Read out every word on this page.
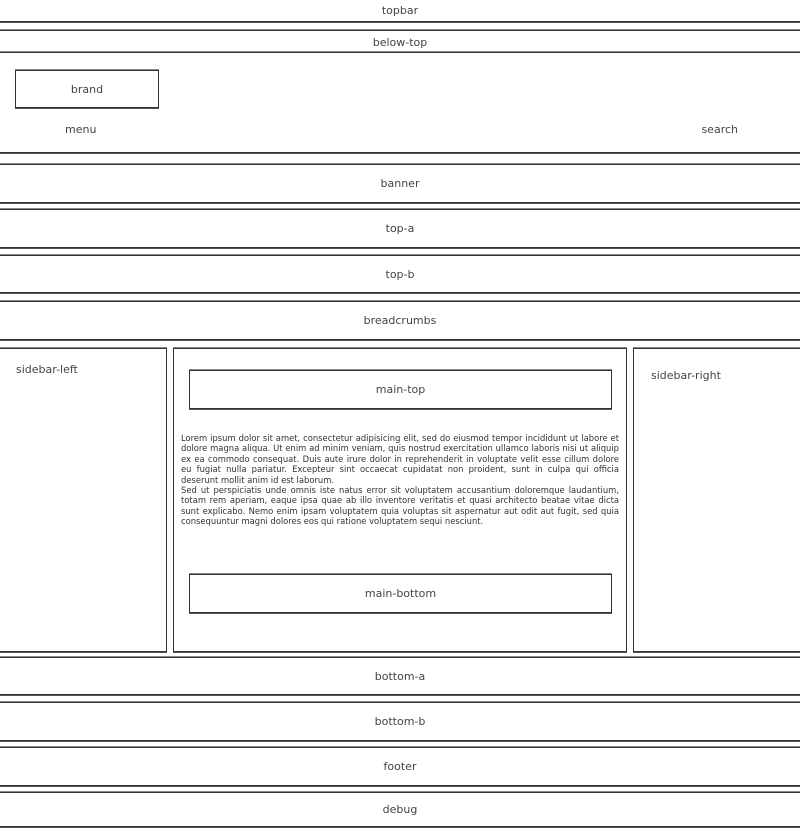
topbar
below-top
brand
menu	search
banner
top-a
top-b
breadcrumbs
sidebar-left
main-top

Lorem ipsum dolor sit amet, consectetur adipisicing elit, sed do eiusmod tempor incididunt ut labore et dolore magna aliqua. Ut enim ad minim veniam, quis nostrud exercitation ullamco laboris nisi ut aliquip ex ea commodo consequat. Duis aute irure dolor in reprehenderit in voluptate velit esse cillum dolore eu fugiat nulla pariatur. Excepteur sint occaecat cupidatat non proident, sunt in culpa qui officia deserunt mollit anim id est laborum.

Sed ut perspiciatis unde omnis iste natus error sit voluptatem accusantium doloremque laudantium, totam rem aperiam, eaque ipsa quae ab illo inventore veritatis et quasi architecto beatae vitae dicta sunt explicabo. Nemo enim ipsam voluptatem quia voluptas sit aspernatur aut odit aut fugit, sed quia consequuntur magni dolores eos qui ratione voluptatem sequi nesciunt.

main-bottom
sidebar-right
bottom-a
bottom-b
footer
debug
